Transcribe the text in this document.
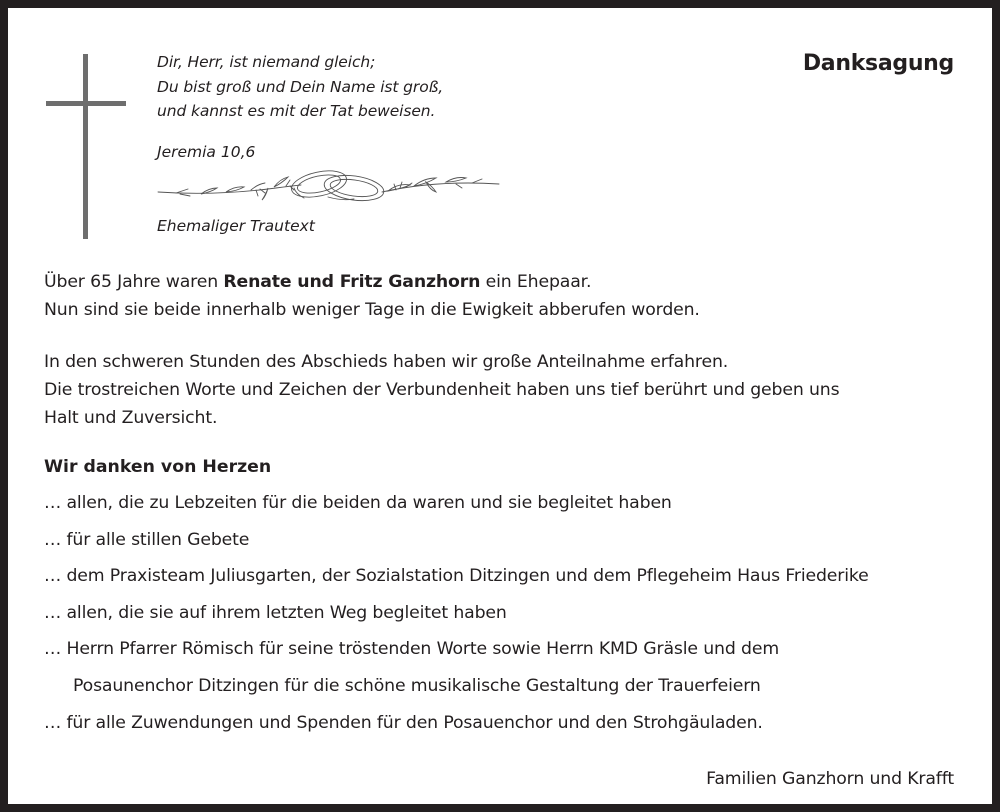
Dir, Herr, ist niemand gleich;
Du bist groß und Dein Name ist groß,
und kannst es mit der Tat beweisen.
Jeremia 10,6
Ehemaliger Trautext
Danksagung
Über 65 Jahre waren Renate und Fritz Ganzhorn ein Ehepaar.
Nun sind sie beide innerhalb weniger Tage in die Ewigkeit abberufen worden.
In den schweren Stunden des Abschieds haben wir große Anteilnahme erfahren.
Die trostreichen Worte und Zeichen der Verbundenheit haben uns tief berührt und geben uns
Halt und Zuversicht.
Wir danken von Herzen
… allen, die zu Lebzeiten für die beiden da waren und sie begleitet haben
… für alle stillen Gebete
… dem Praxisteam Juliusgarten, der Sozialstation Ditzingen und dem Pflegeheim Haus Friederike
… allen, die sie auf ihrem letzten Weg begleitet haben
… Herrn Pfarrer Römisch für seine tröstenden Worte sowie Herrn KMD Gräsle und dem
Posaunenchor Ditzingen für die schöne musikalische Gestaltung der Trauerfeiern
… für alle Zuwendungen und Spenden für den Posauenchor und den Strohgäuladen.
Familien Ganzhorn und Krafft
